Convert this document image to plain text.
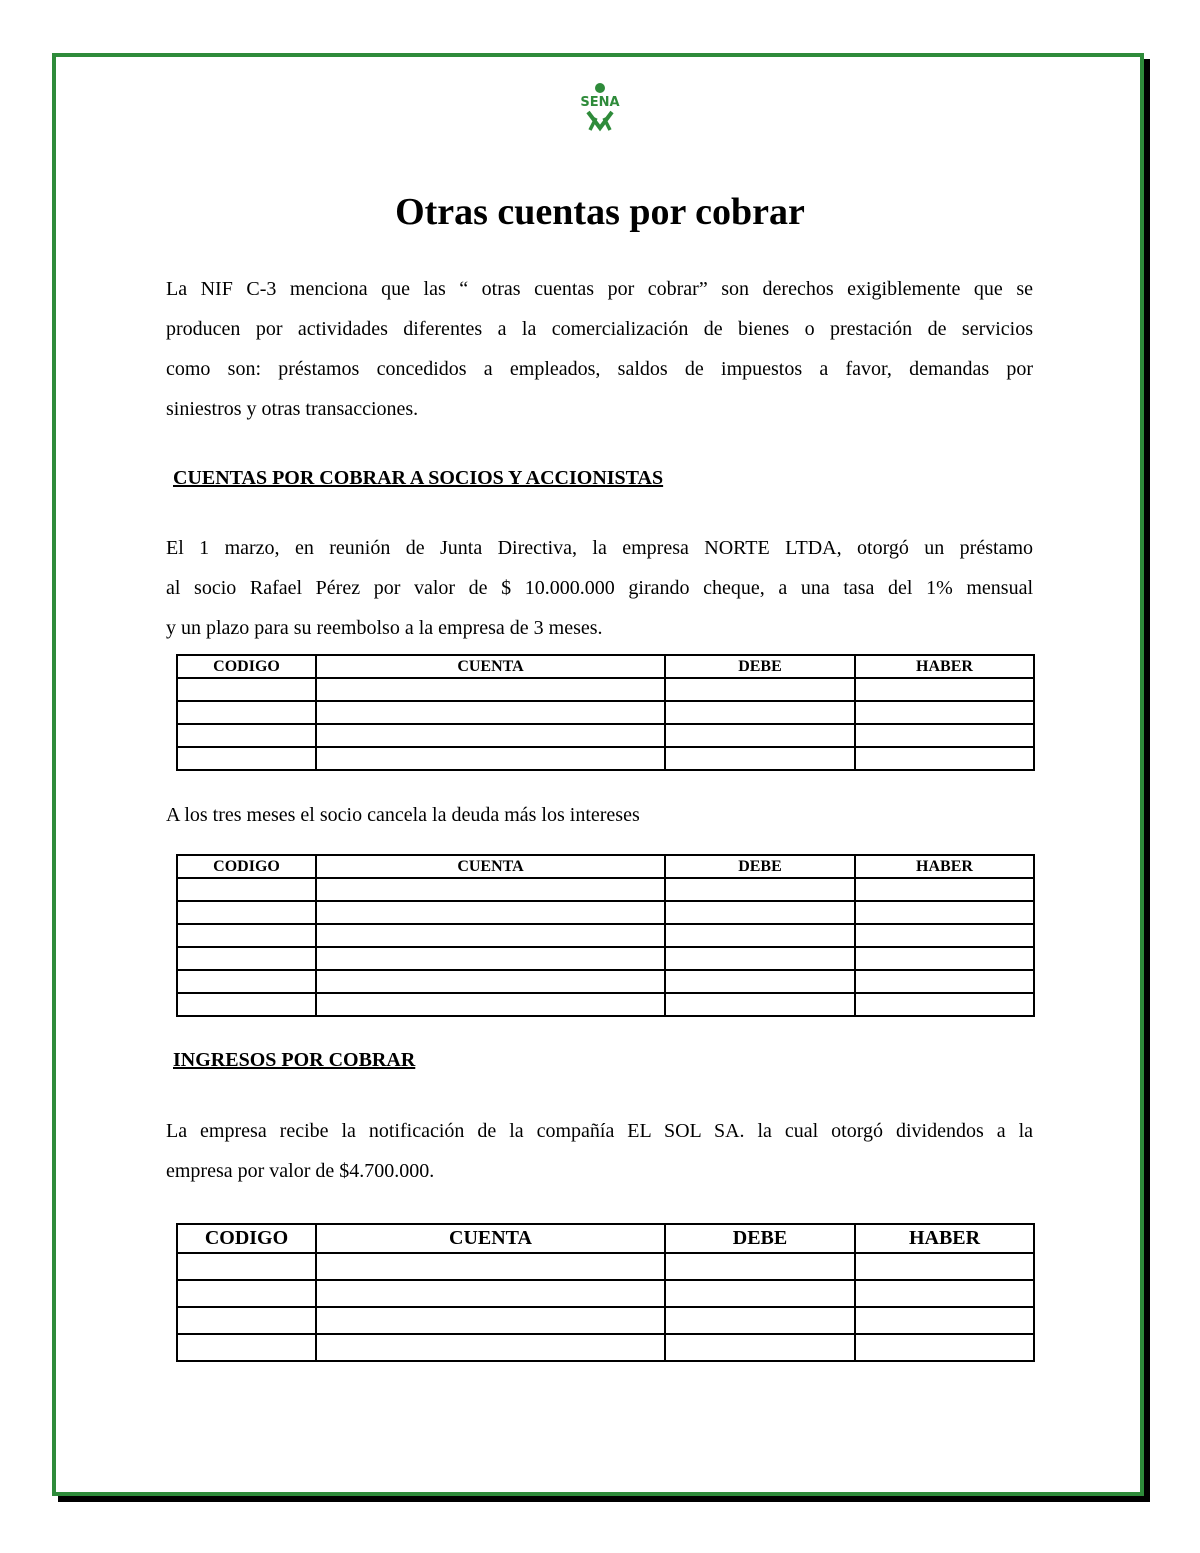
SENA
Otras cuentas por cobrar
La NIF C-3 menciona que las “ otras cuentas por cobrar” son derechos exigiblemente que se
producen por actividades diferentes a la comercialización de bienes o prestación de servicios
como son: préstamos concedidos a empleados, saldos de impuestos a favor, demandas por
siniestros y otras transacciones.
CUENTAS POR COBRAR A SOCIOS Y ACCIONISTAS
El 1 marzo, en reunión de Junta Directiva, la empresa NORTE LTDA, otorgó un préstamo
al socio Rafael Pérez por valor de $ 10.000.000 girando cheque, a una tasa del 1% mensual
y un plazo para su reembolso a la empresa de 3 meses.
CODIGO	CUENTA	DEBE	HABER

A los tres meses el socio cancela la deuda más los intereses
CODIGO	CUENTA	DEBE	HABER

INGRESOS POR COBRAR
La empresa recibe la notificación de la compañía EL SOL SA. la cual otorgó dividendos a la
empresa por valor de $4.700.000.
CODIGO	CUENTA	DEBE	HABER
